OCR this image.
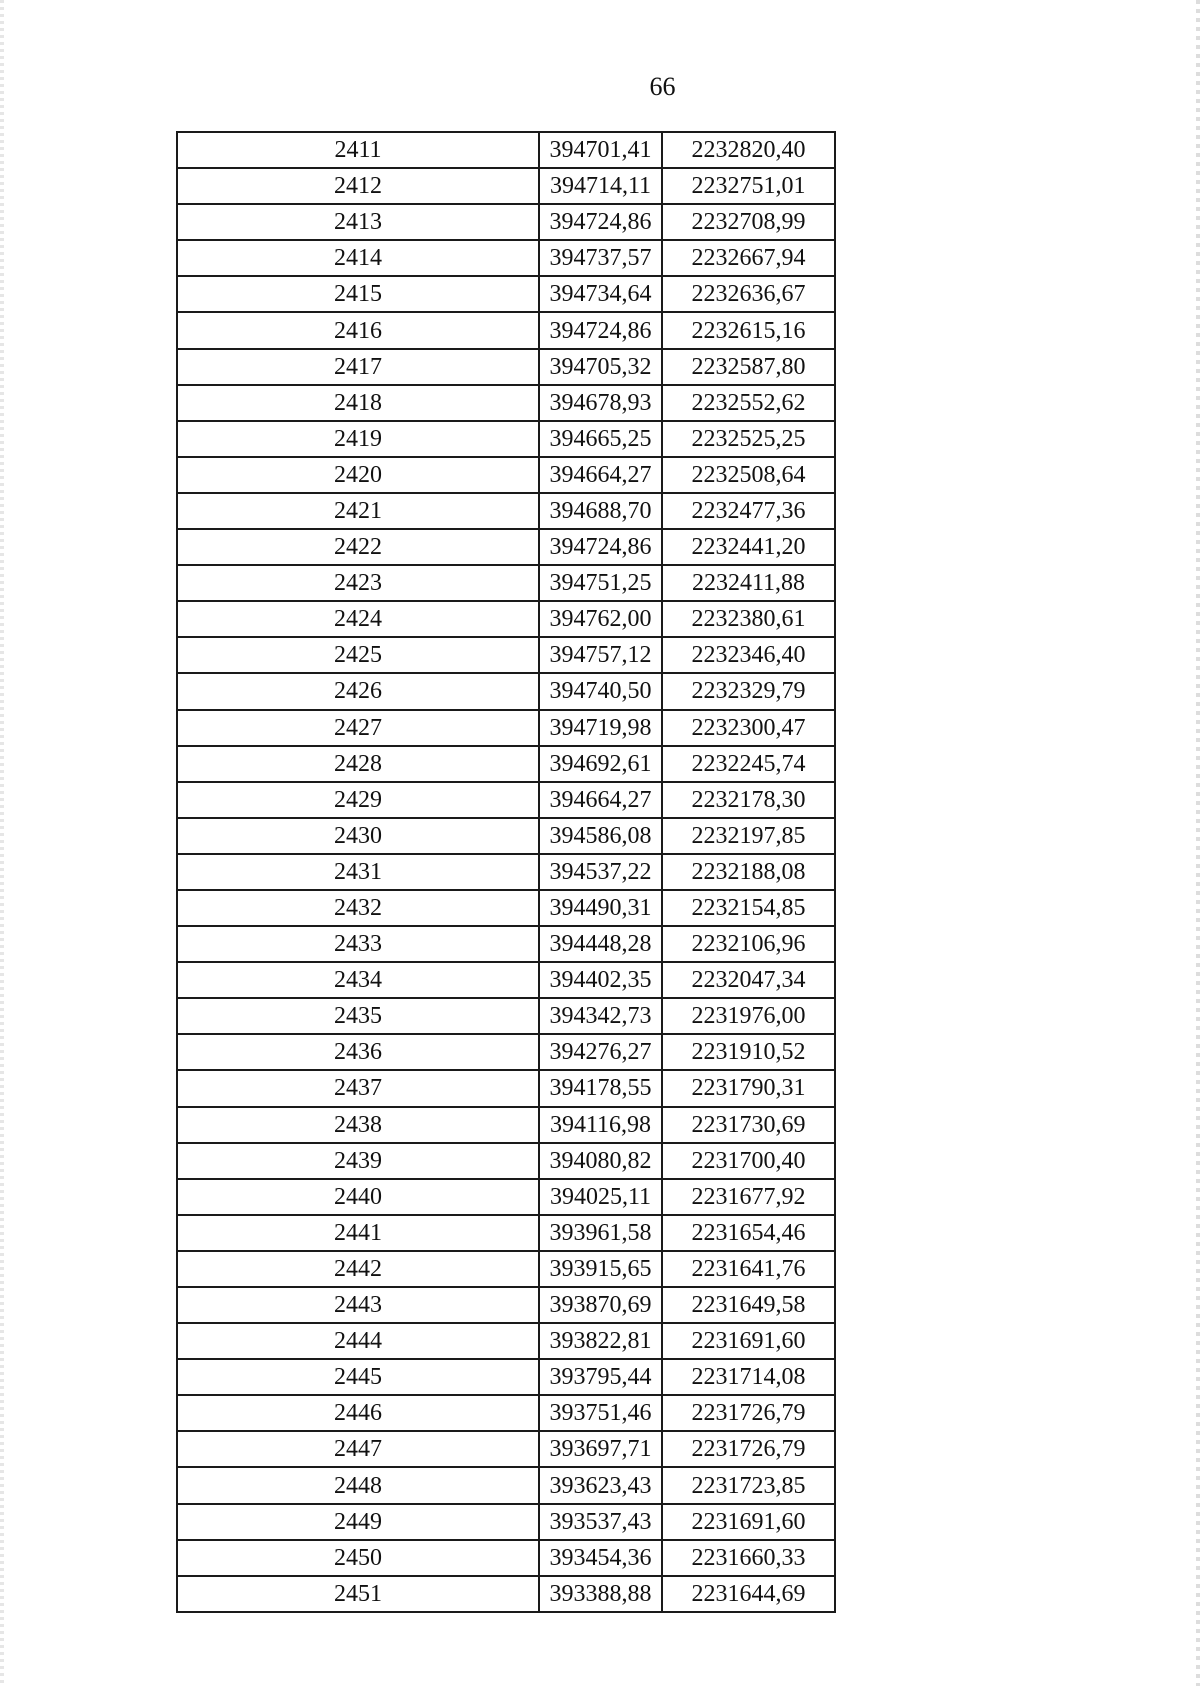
66
2411	394701,41	2232820,40
2412	394714,11	2232751,01
2413	394724,86	2232708,99
2414	394737,57	2232667,94
2415	394734,64	2232636,67
2416	394724,86	2232615,16
2417	394705,32	2232587,80
2418	394678,93	2232552,62
2419	394665,25	2232525,25
2420	394664,27	2232508,64
2421	394688,70	2232477,36
2422	394724,86	2232441,20
2423	394751,25	2232411,88
2424	394762,00	2232380,61
2425	394757,12	2232346,40
2426	394740,50	2232329,79
2427	394719,98	2232300,47
2428	394692,61	2232245,74
2429	394664,27	2232178,30
2430	394586,08	2232197,85
2431	394537,22	2232188,08
2432	394490,31	2232154,85
2433	394448,28	2232106,96
2434	394402,35	2232047,34
2435	394342,73	2231976,00
2436	394276,27	2231910,52
2437	394178,55	2231790,31
2438	394116,98	2231730,69
2439	394080,82	2231700,40
2440	394025,11	2231677,92
2441	393961,58	2231654,46
2442	393915,65	2231641,76
2443	393870,69	2231649,58
2444	393822,81	2231691,60
2445	393795,44	2231714,08
2446	393751,46	2231726,79
2447	393697,71	2231726,79
2448	393623,43	2231723,85
2449	393537,43	2231691,60
2450	393454,36	2231660,33
2451	393388,88	2231644,69
